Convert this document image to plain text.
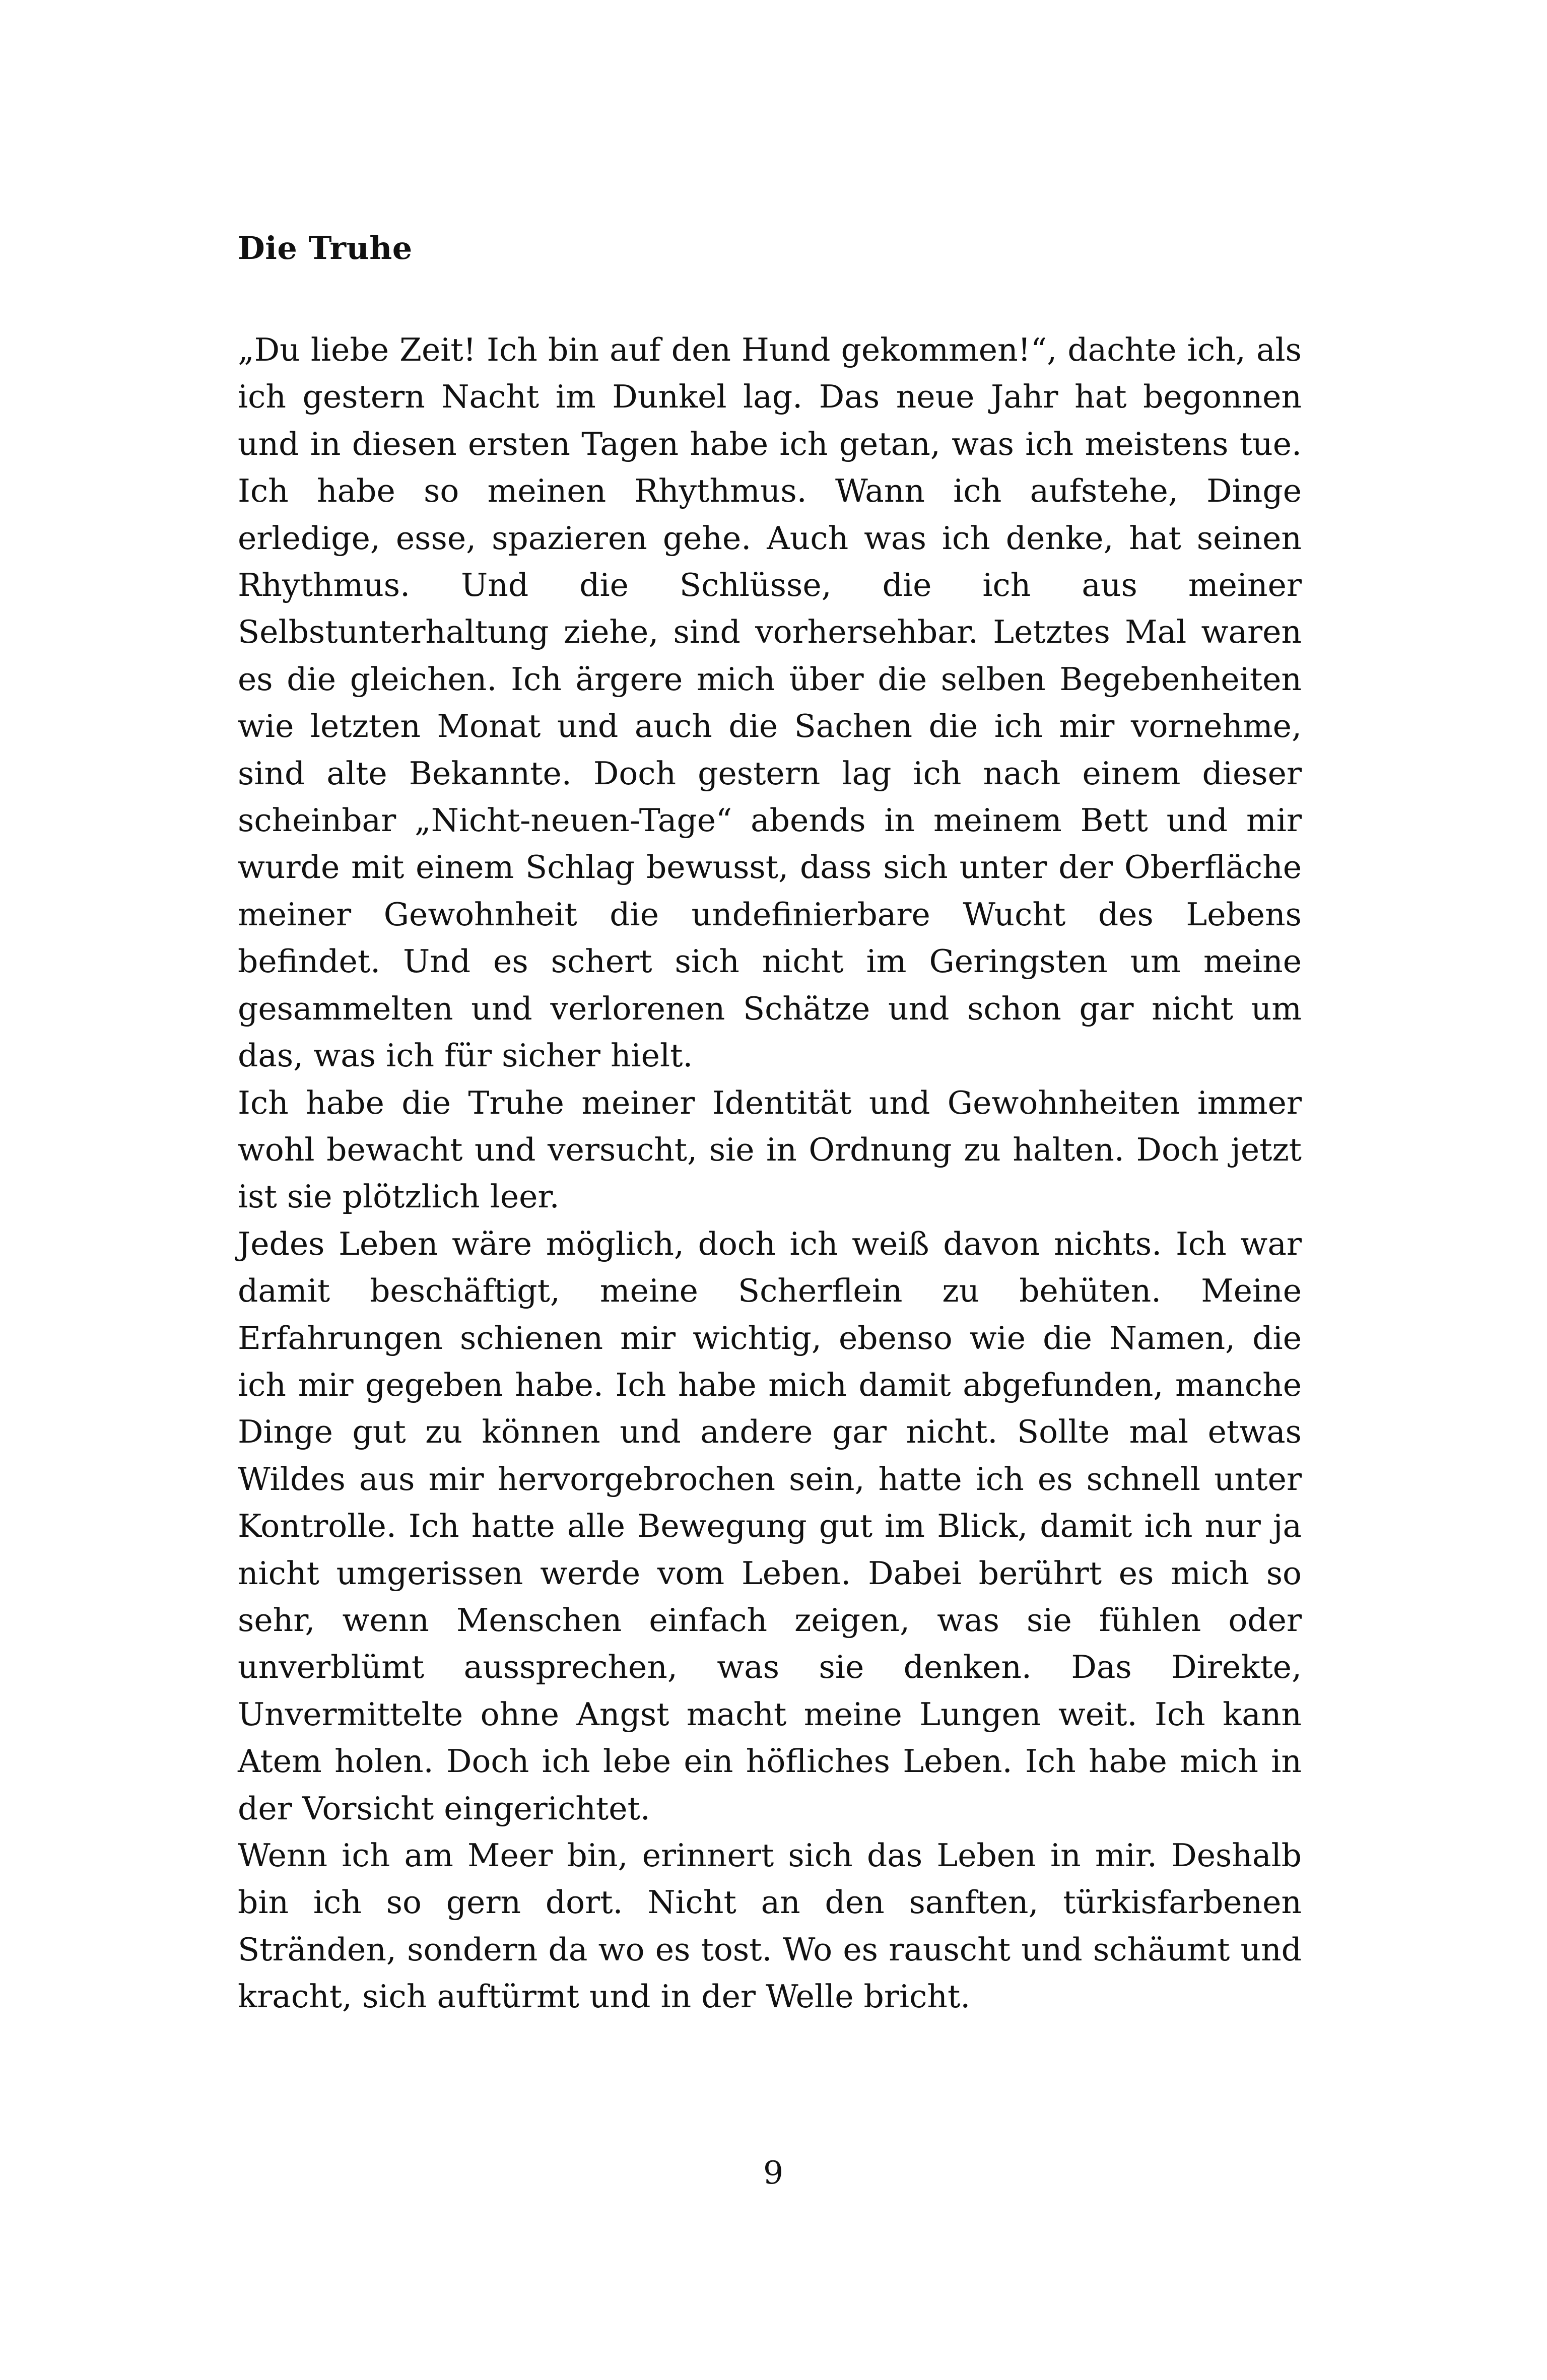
Die Truhe

„Du liebe Zeit! Ich bin auf den Hund gekommen!“, dachte ich, als ich gestern Nacht im Dunkel lag. Das neue Jahr hat begonnen und in diesen ersten Tagen habe ich getan, was ich meistens tue. Ich habe so meinen Rhythmus. Wann ich aufstehe, Dinge erledige, esse, spazieren gehe. Auch was ich denke, hat seinen Rhythmus. Und die Schlüsse, die ich aus meiner Selbstunterhaltung ziehe, sind vorhersehbar. Letztes Mal waren es die gleichen. Ich ärgere mich über die selben Begebenheiten wie letzten Monat und auch die Sachen die ich mir vornehme, sind alte Bekannte. Doch gestern lag ich nach einem dieser scheinbar „Nicht-neuen-Tage“ abends in meinem Bett und mir wurde mit einem Schlag bewusst, dass sich unter der Oberfläche meiner Gewohnheit die undefinierbare Wucht des Lebens befindet. Und es schert sich nicht im Geringsten um meine gesammelten und verlorenen Schätze und schon gar nicht um das, was ich für sicher hielt.

Ich habe die Truhe meiner Identität und Gewohnheiten immer wohl bewacht und versucht, sie in Ordnung zu halten. Doch jetzt ist sie plötzlich leer.

Jedes Leben wäre möglich, doch ich weiß davon nichts. Ich war damit beschäftigt, meine Scherflein zu behüten. Meine Erfahrungen schienen mir wichtig, ebenso wie die Namen, die ich mir gegeben habe. Ich habe mich damit abgefunden, manche Dinge gut zu können und andere gar nicht. Sollte mal etwas Wildes aus mir hervorgebrochen sein, hatte ich es schnell unter Kontrolle. Ich hatte alle Bewegung gut im Blick, damit ich nur ja nicht umgerissen werde vom Leben. Dabei berührt es mich so sehr, wenn Menschen einfach zeigen, was sie fühlen oder unverblümt aussprechen, was sie denken. Das Direkte, Unvermittelte ohne Angst macht meine Lungen weit. Ich kann Atem holen. Doch ich lebe ein höfliches Leben. Ich habe mich in der Vorsicht eingerichtet.

Wenn ich am Meer bin, erinnert sich das Leben in mir. Deshalb bin ich so gern dort. Nicht an den sanften, türkisfarbenen Stränden, sondern da wo es tost. Wo es rauscht und schäumt und kracht, sich auftürmt und in der Welle bricht.

9
